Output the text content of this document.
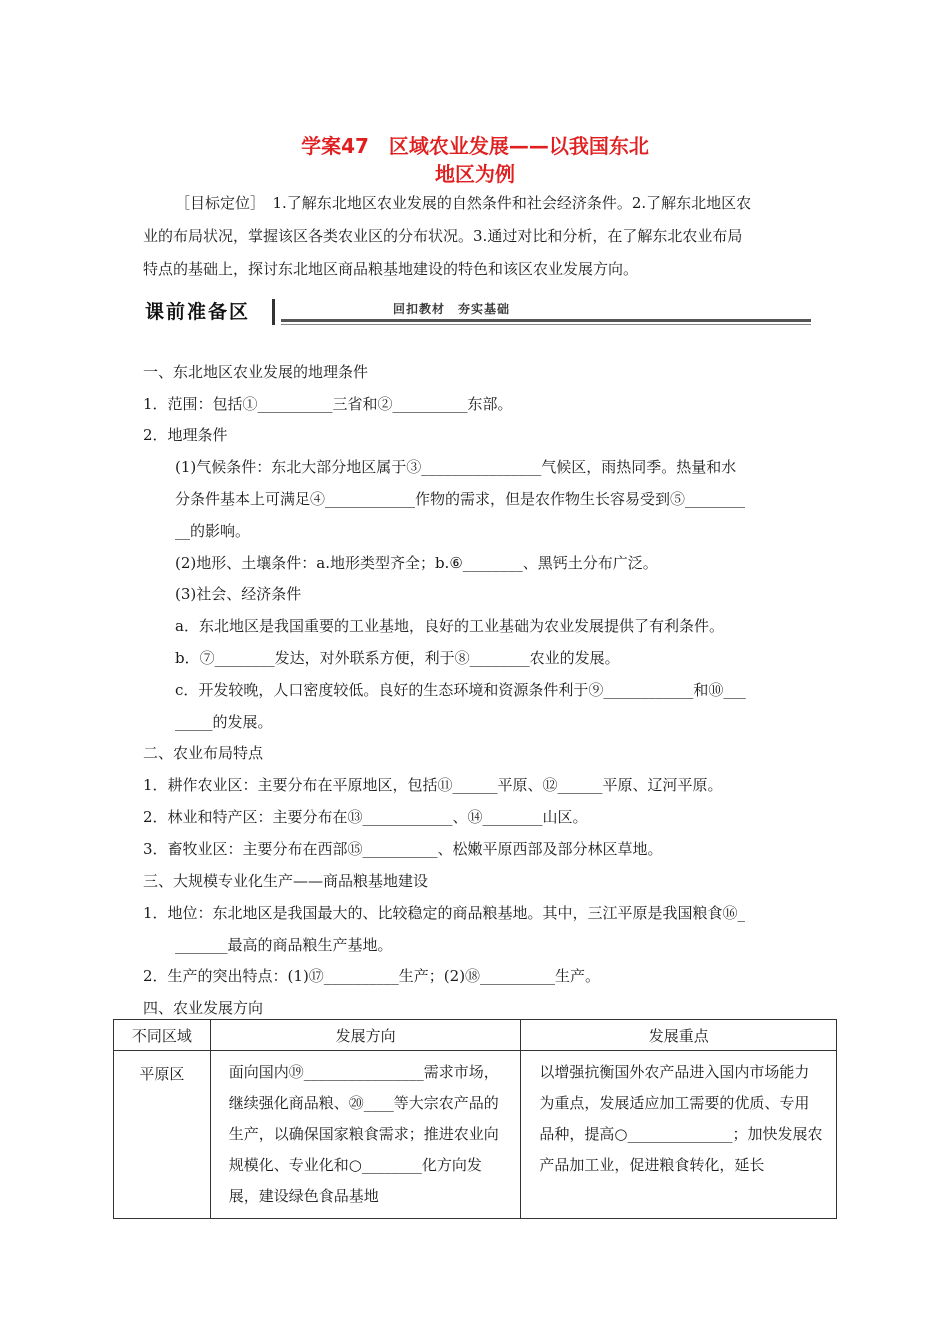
学案47　区域农业发展——以我国东北
地区为例
［目标定位］　1.了解东北地区农业发展的自然条件和社会经济条件。2.了解东北地区农
业的布局状况，掌握该区各类农业区的分布状况。3.通过对比和分析，在了解东北农业布局
特点的基础上，探讨东北地区商品粮基地建设的特色和该区农业发展方向。
课前准备区	回扣教材　夯实基础
一、东北地区农业发展的地理条件
1．范围：包括①__________三省和②__________东部。
2．地理条件
(1)气候条件：东北大部分地区属于③________________气候区，雨热同季。热量和水
分条件基本上可满足④____________作物的需求，但是农作物生长容易受到⑤________
__的影响。
(2)地形、土壤条件：a.地形类型齐全；b.⑥________、黑钙土分布广泛。
(3)社会、经济条件
a．东北地区是我国重要的工业基地，良好的工业基础为农业发展提供了有利条件。
b．⑦________发达，对外联系方便，利于⑧________农业的发展。
c．开发较晚，人口密度较低。良好的生态环境和资源条件利于⑨____________和⑩___
_____的发展。
二、农业布局特点
1．耕作农业区：主要分布在平原地区，包括⑪______平原、⑫______平原、辽河平原。
2．林业和特产区：主要分布在⑬____________、⑭________山区。
3．畜牧业区：主要分布在西部⑮__________、松嫩平原西部及部分林区草地。
三、大规模专业化生产——商品粮基地建设
1．地位：东北地区是我国最大的、比较稳定的商品粮基地。其中，三江平原是我国粮食⑯_
_______最高的商品粮生产基地。
2．生产的突出特点：(1)⑰__________生产；(2)⑱__________生产。
四、农业发展方向
不同区域	发展方向	发展重点
平原区	面向国内⑲________________需求市场，继续强化商品粮、⑳____等大宗农产品的生产，以确保国家粮食需求；推进农业向规模化、专业化和○________化方向发展，建设绿色食品基地	以增强抗衡国外农产品进入国内市场能力为重点，发展适应加工需要的优质、专用品种，提高○______________；加快发展农产品加工业，促进粮食转化，延长
